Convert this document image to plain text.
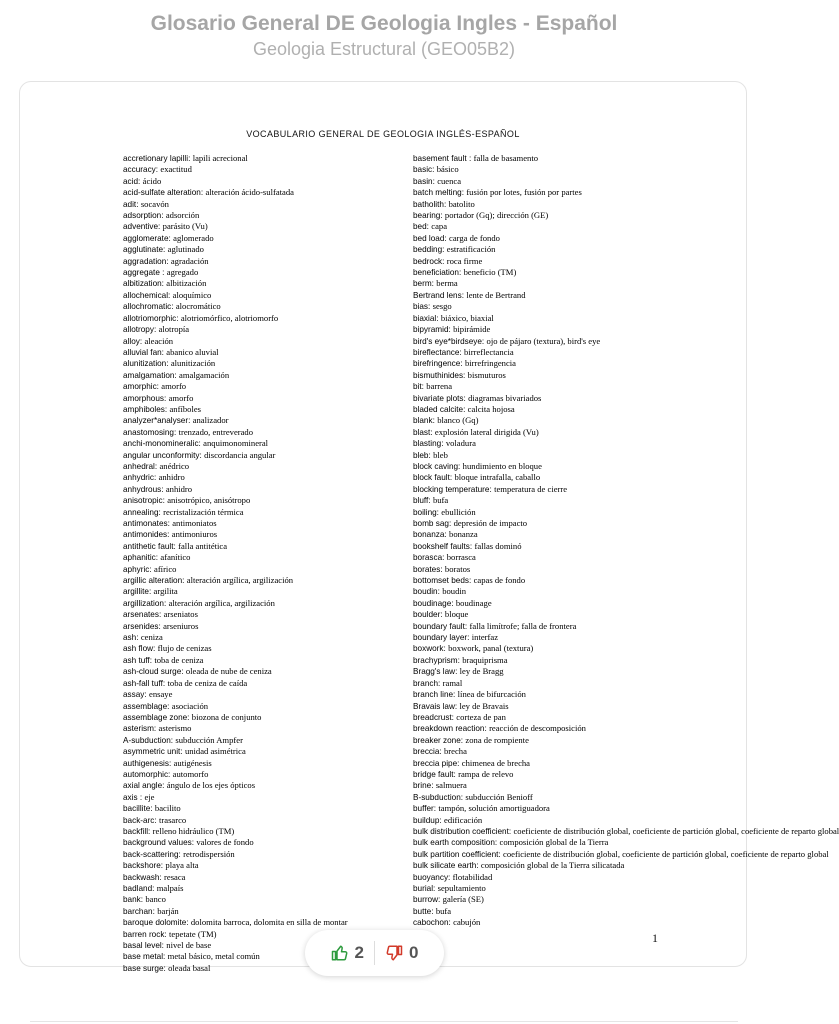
Glosario General DE Geologia Ingles - Español

Geologia Estructural (GEO05B2)

VOCABULARIO GENERAL DE GEOLOGIA INGLÉS-ESPAÑOL
accretionary lapilli: lapili acrecional
accuracy: exactitud
acid: ácido
acid-sulfate alteration: alteración ácido-sulfatada
adit: socavón
adsorption: adsorción
adventive: parásito (Vu)
agglomerate: aglomerado
agglutinate: aglutinado
aggradation: agradación
aggregate : agregado
albitization: albitización
allochemical: aloquímico
allochromatic: alocromático
allotriomorphic: alotriomórfico, alotriomorfo
allotropy: alotropía
alloy: aleación
alluvial fan: abanico aluvial
alunitization: alunitización
amalgamation: amalgamación
amorphic: amorfo
amorphous: amorfo
amphiboles: anfíboles
analyzer*analyser: analizador
anastomosing: trenzado, entreverado
anchi-monomineralic: anquimonomineral
angular unconformity: discordancia angular
anhedral: anédrico
anhydric: anhidro
anhydrous: anhidro
anisotropic: anisotrópico, anisótropo
annealing: recristalización térmica
antimonates: antimoniatos
antimonides: antimoniuros
antithetic fault: falla antitética
aphanitic: afanítico
aphyric: afírico
argillic alteration: alteración argílica, argilización
argillite: argilita
argillization: alteración argílica, argilización
arsenates: arseniatos
arsenides: arseniuros
ash: ceniza
ash flow: flujo de cenizas
ash tuff: toba de ceniza
ash-cloud surge: oleada de nube de ceniza
ash-fall tuff: toba de ceniza de caída
assay: ensaye
assemblage: asociación
assemblage zone: biozona de conjunto
asterism: asterismo
A-subduction: subducción Ampfer
asymmetric unit: unidad asimétrica
authigenesis: autigénesis
automorphic: automorfo
axial angle: ángulo de los ejes ópticos
axis : eje
bacillite: bacilito
back-arc: trasarco
backfill: relleno hidráulico (TM)
background values: valores de fondo
back-scattering: retrodispersión
backshore: playa alta
backwash: resaca
badland: malpaís
bank: banco
barchan: barján
baroque dolomite: dolomita barroca, dolomita en silla de montar
barren rock: tepetate (TM)
basal level: nivel de base
base metal: metal básico, metal común
base surge: oleada basal
basement fault : falla de basamento
basic: básico
basin: cuenca
batch melting: fusión por lotes, fusión por partes
batholith: batolito
bearing: portador (Gq); dirección (GE)
bed: capa
bed load: carga de fondo
bedding: estratificación
bedrock: roca firme
beneficiation: beneficio (TM)
berm: berma
Bertrand lens: lente de Bertrand
bias: sesgo
biaxial: biáxico, biaxial
bipyramid: bipirámide
bird's eye*birdseye: ojo de pájaro (textura), bird's eye
bireflectance: birreflectancia
birefringence: birrefringencia
bismuthinides: bismuturos
bit: barrena
bivariate plots: diagramas bivariados
bladed calcite: calcita hojosa
blank: blanco (Gq)
blast: explosión lateral dirigida (Vu)
blasting: voladura
bleb: bleb
block caving: hundimiento en bloque
block fault: bloque intrafalla, caballo
blocking temperature: temperatura de cierre
bluff: bufa
boiling: ebullición
bomb sag: depresión de impacto
bonanza: bonanza
bookshelf faults: fallas dominó
borasca: borrasca
borates: boratos
bottomset beds: capas de fondo
boudin: boudin
boudinage: boudinage
boulder: bloque
boundary fault: falla limítrofe; falla de frontera
boundary layer: interfaz
boxwork: boxwork, panal (textura)
brachyprism: braquiprisma
Bragg's law: ley de Bragg
branch: ramal
branch line: línea de bifurcación
Bravais law: ley de Bravais
breadcrust: corteza de pan
breakdown reaction: reacción de descomposición
breaker zone: zona de rompiente
breccia: brecha
breccia pipe: chimenea de brecha
bridge fault: rampa de relevo
brine: salmuera
B-subduction: subducción Benioff
buffer: tampón, solución amortiguadora
buildup: edificación
bulk distribution coefficient: coeficiente de distribución global, coeficiente de partición global, coeficiente de reparto global
bulk earth composition: composición global de la Tierra
bulk partition coefficient: coeficiente de distribución global, coeficiente de partición global, coeficiente de reparto global
bulk silicate earth: composición global de la Tierra silicatada
buoyancy: flotabilidad
burial: sepultamiento
burrow: galería (SE)
butte: bufa
cabochon: cabujón
1
2	0
